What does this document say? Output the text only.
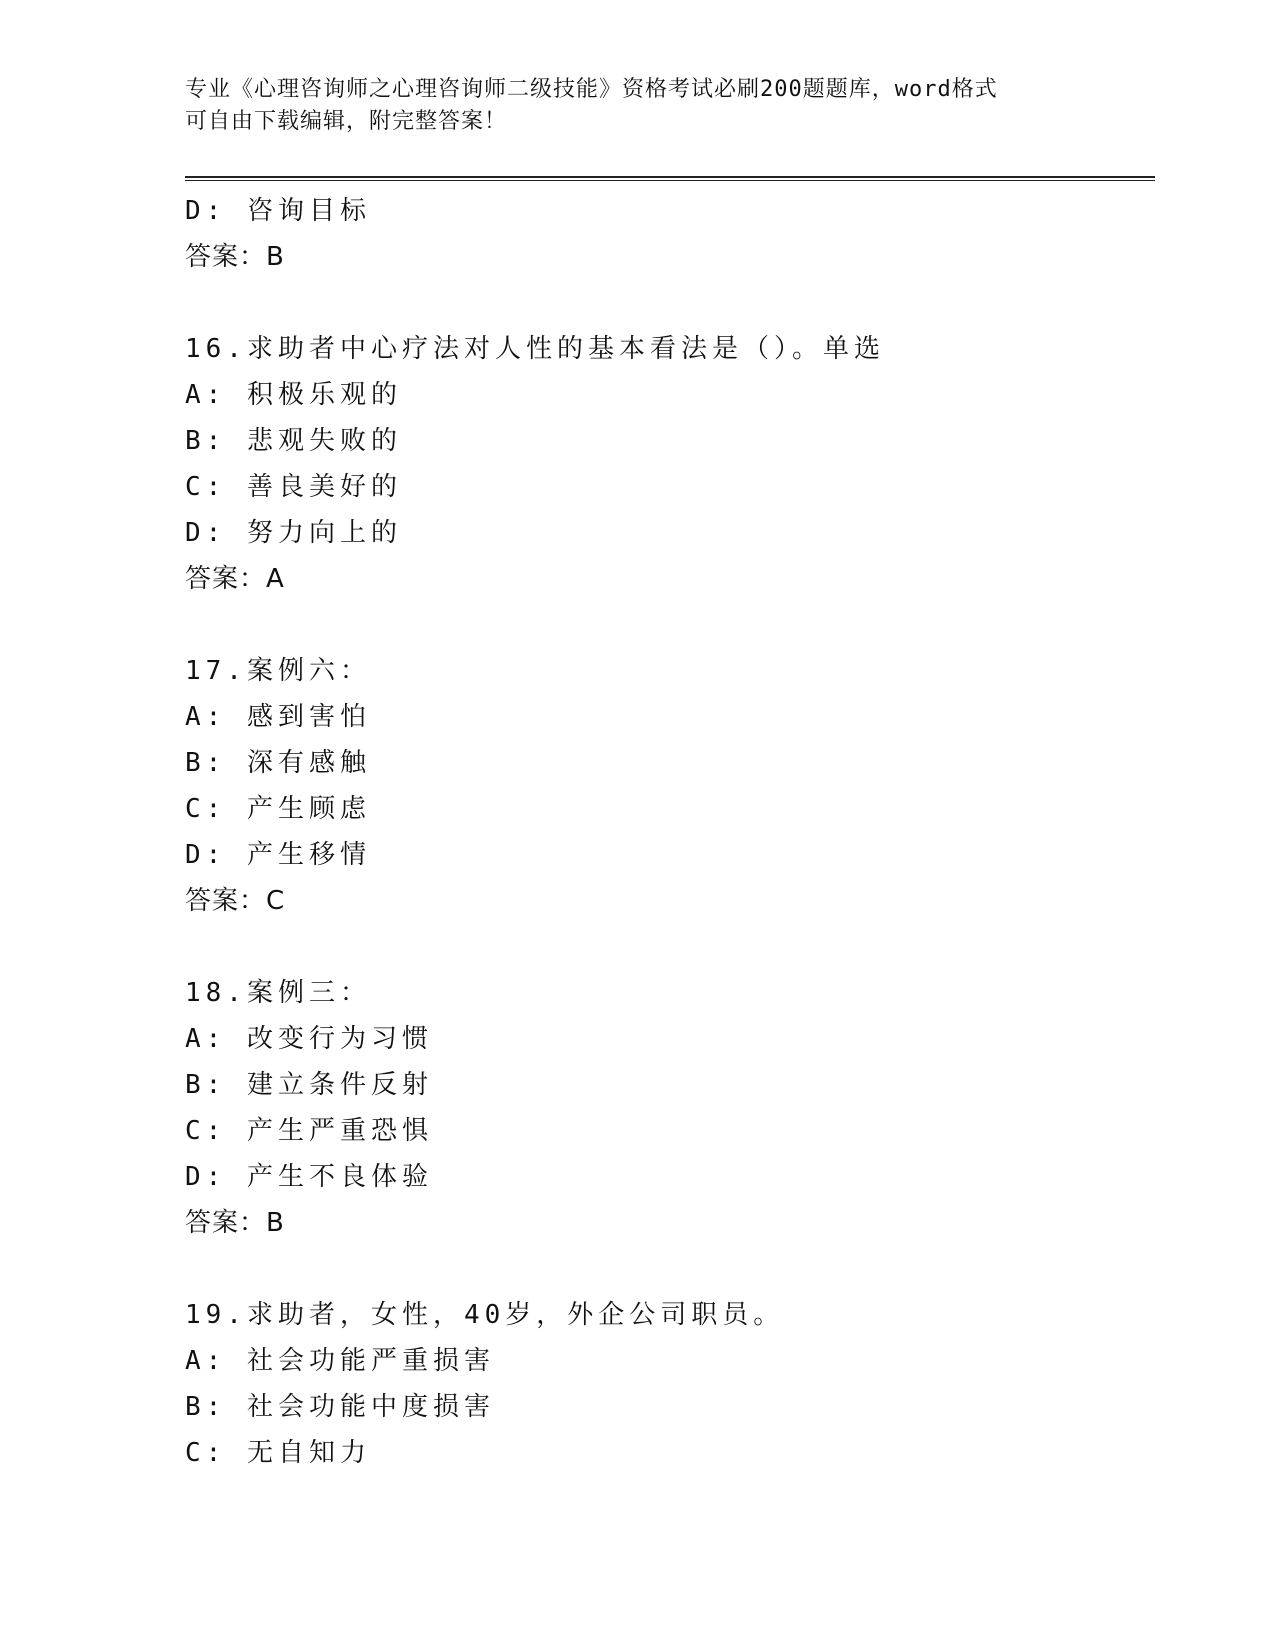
专业《心理咨询师之心理咨询师二级技能》资格考试必刷200题题库，word格式
可自由下载编辑，附完整答案！
D: 咨询目标
答案：B
16.求助者中心疗法对人性的基本看法是（）。单选
A: 积极乐观的
B: 悲观失败的
C: 善良美好的
D: 努力向上的
答案：A
17.案例六：
A: 感到害怕
B: 深有感触
C: 产生顾虑
D: 产生移情
答案：C
18.案例三：
A: 改变行为习惯
B: 建立条件反射
C: 产生严重恐惧
D: 产生不良体验
答案：B
19.求助者，女性，40岁，外企公司职员。
A: 社会功能严重损害
B: 社会功能中度损害
C: 无自知力
